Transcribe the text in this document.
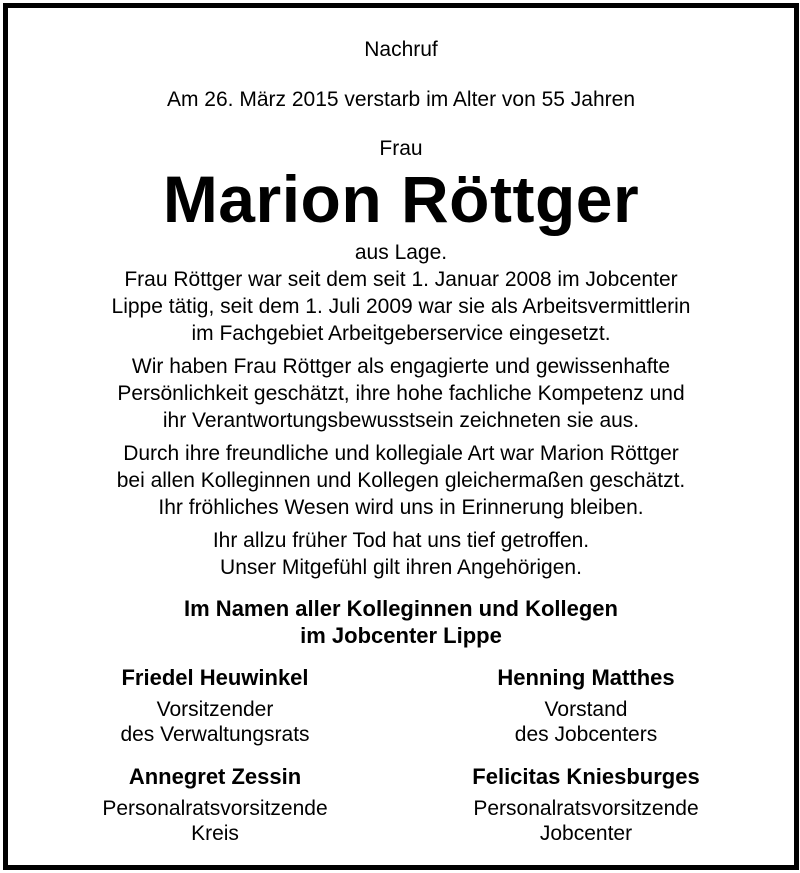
Nachruf
Am 26. März 2015 verstarb im Alter von 55 Jahren
Frau
Marion Röttger
aus Lage.
Frau Röttger war seit dem seit 1. Januar 2008 im Jobcenter
Lippe tätig, seit dem 1. Juli 2009 war sie als Arbeitsvermittlerin
im Fachgebiet Arbeitgeberservice eingesetzt.
Wir haben Frau Röttger als engagierte und gewissenhafte
Persönlichkeit geschätzt, ihre hohe fachliche Kompetenz und
ihr Verantwortungsbewusstsein zeichneten sie aus.
Durch ihre freundliche und kollegiale Art war Marion Röttger
bei allen Kolleginnen und Kollegen gleichermaßen geschätzt.
Ihr fröhliches Wesen wird uns in Erinnerung bleiben.
Ihr allzu früher Tod hat uns tief getroffen.
Unser Mitgefühl gilt ihren Angehörigen.
Im Namen aller Kolleginnen und Kollegen
im Jobcenter Lippe
Friedel Heuwinkel
Vorsitzender
des Verwaltungsrats
Henning Matthes
Vorstand
des Jobcenters
Annegret Zessin
Personalratsvorsitzende
Kreis
Felicitas Kniesburges
Personalratsvorsitzende
Jobcenter
